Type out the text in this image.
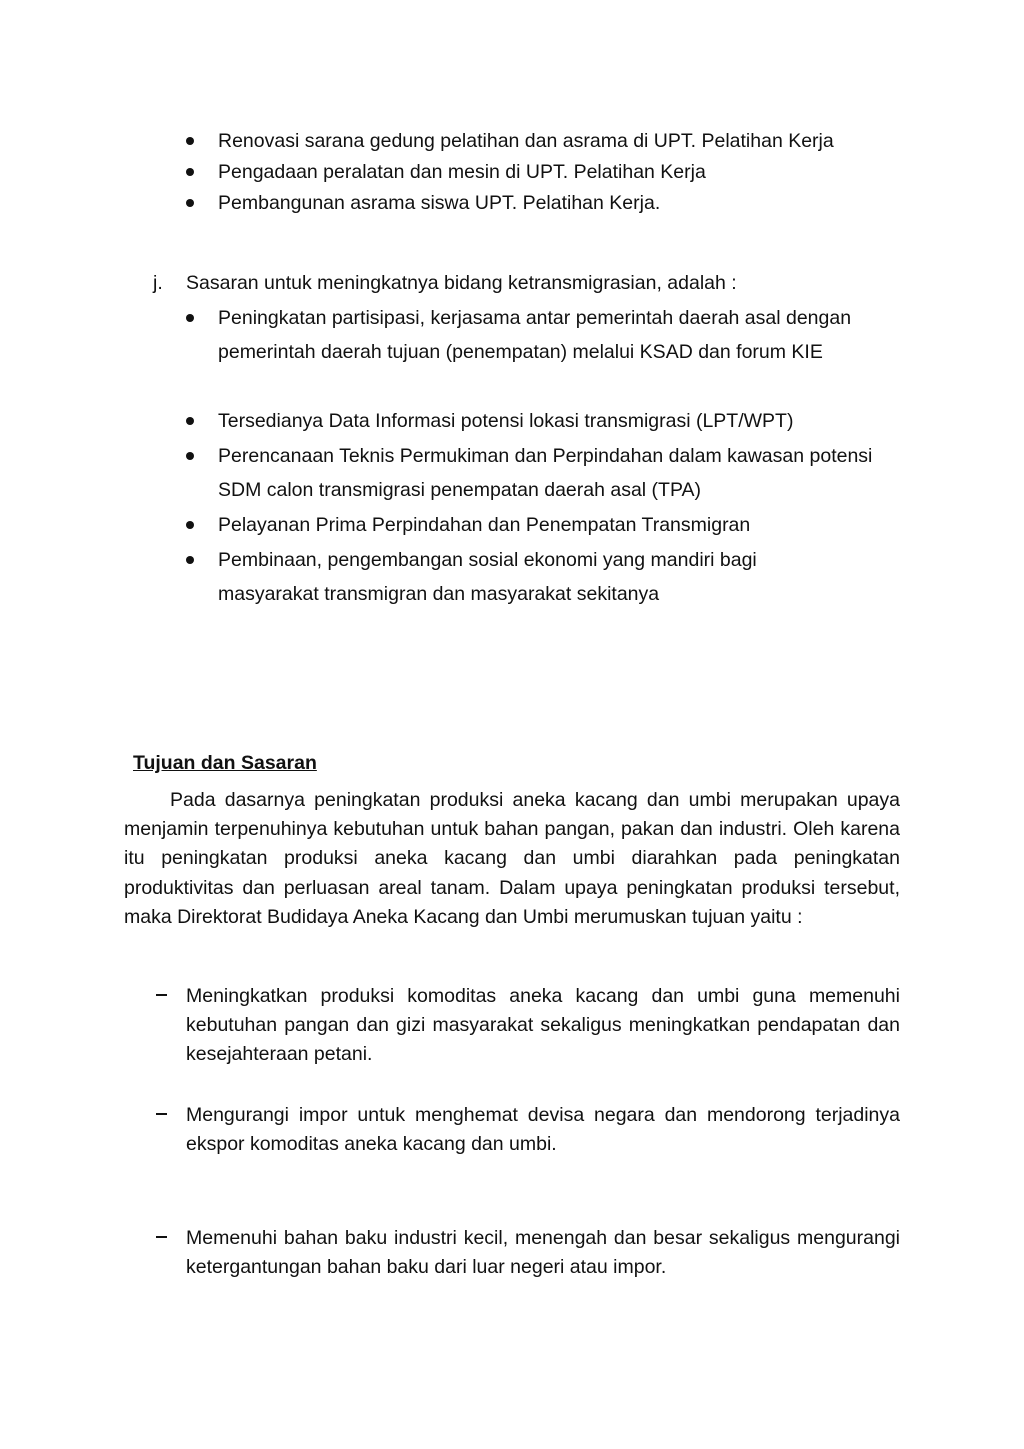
Renovasi sarana gedung pelatihan dan asrama di UPT. Pelatihan Kerja
Pengadaan peralatan dan mesin di UPT. Pelatihan Kerja
Pembangunan asrama siswa UPT. Pelatihan Kerja.
j. Sasaran untuk meningkatnya bidang ketransmigrasian, adalah :
Peningkatan partisipasi, kerjasama antar pemerintah daerah asal dengan pemerintah daerah tujuan (penempatan) melalui KSAD dan forum KIE
Tersedianya Data Informasi potensi lokasi transmigrasi (LPT/WPT)
Perencanaan Teknis Permukiman dan Perpindahan dalam kawasan potensi SDM calon transmigrasi penempatan daerah asal (TPA)
Pelayanan Prima Perpindahan dan Penempatan Transmigran
Pembinaan, pengembangan sosial ekonomi yang mandiri bagi masyarakat transmigran dan masyarakat sekitanya
Tujuan dan Sasaran
Pada dasarnya peningkatan produksi aneka kacang dan umbi merupakan upaya menjamin terpenuhinya kebutuhan untuk bahan pangan, pakan dan industri. Oleh karena itu peningkatan produksi aneka kacang dan umbi diarahkan pada peningkatan produktivitas dan perluasan areal tanam. Dalam upaya peningkatan produksi tersebut, maka Direktorat Budidaya Aneka Kacang dan Umbi merumuskan tujuan yaitu :
Meningkatkan produksi komoditas aneka kacang dan umbi guna memenuhi kebutuhan pangan dan gizi masyarakat sekaligus meningkatkan pendapatan dan kesejahteraan petani.
Mengurangi impor untuk menghemat devisa negara dan mendorong terjadinya ekspor komoditas aneka kacang dan umbi.
Memenuhi bahan baku industri kecil, menengah dan besar sekaligus mengurangi ketergantungan bahan baku dari luar negeri atau impor.
